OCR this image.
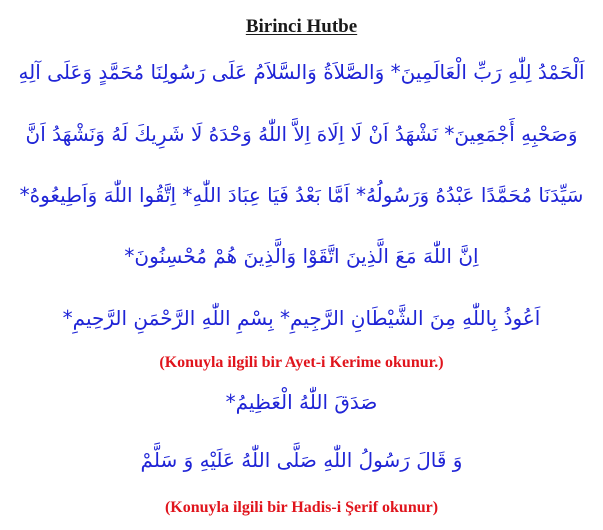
Birinci Hutbe

اَلْحَمْدُ لِلّٰهِ رَبِّ الْعَالَمِينَ* وَالصَّلاَةُ وَالسَّلاَمُ عَلَى رَسُولِنَا مُحَمَّدٍ وَعَلَى آلِهِ

وَصَحْبِهِ أَجْمَعِينَ* نَشْهَدُ اَنْ لَا اِلَاهَ اِلاَّ اللّٰهُ وَحْدَهُ لَا شَرِيكَ لَهُ وَنَشْهَدُ اَنَّ

سَيِّدَنَا مُحَمَّدًا عَبْدُهُ وَرَسُولُهُ* اَمَّا بَعْدُ فَيَا عِبَادَ اللّٰهِ* اِتَّقُوا اللّٰهَ وَاَطِيعُوهُ*

اِنَّ اللّٰهَ مَعَ الَّذِينَ اتَّقَوْا وَالَّذِينَ هُمْ مُحْسِنُونَ*

اَعُوذُ بِاللّٰهِ مِنَ الشَّيْطَانِ الرَّجِيمِ* بِسْمِ اللّٰهِ الرَّحْمَنِ الرَّحِيمِ*

(Konuyla ilgili bir Ayet-i Kerime okunur.)

صَدَقَ اللّٰهُ الْعَظِيمُ*

وَ قَالَ رَسُولُ اللّٰهِ صَلَّى اللّٰهُ عَلَيْهِ وَ سَلَّمْ

(Konuyla ilgili bir Hadis-i Şerif okunur)
